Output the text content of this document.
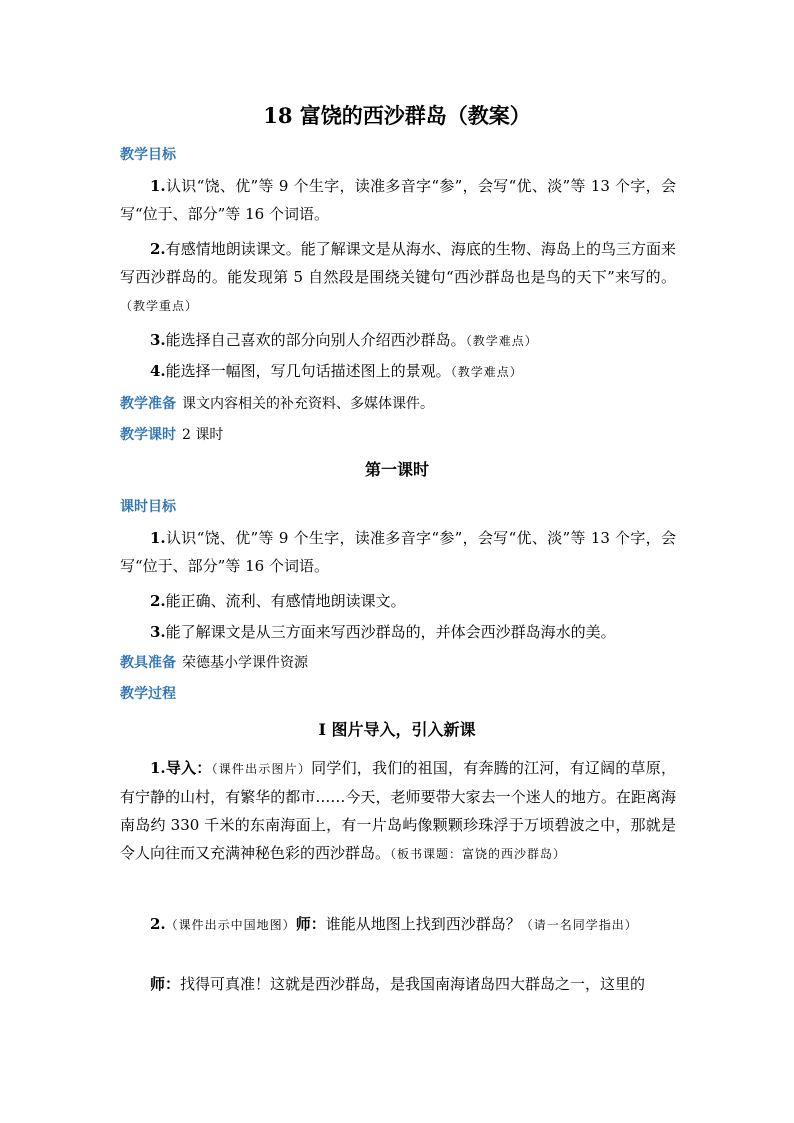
18 富饶的西沙群岛（教案）
教学目标

1.认识“饶、优”等 9 个生字，读准多音字“参”，会写“优、淡”等 13 个字，会写“位于、部分”等 16 个词语。

2.有感情地朗读课文。能了解课文是从海水、海底的生物、海岛上的鸟三方面来写西沙群岛的。能发现第 5 自然段是围绕关键句“西沙群岛也是鸟的天下”来写的。（教学重点）

3.能选择自己喜欢的部分向别人介绍西沙群岛。（教学难点）

4.能选择一幅图，写几句话描述图上的景观。（教学难点）

教学准备 课文内容相关的补充资料、多媒体课件。
教学课时 2 课时
第一课时
课时目标

1.认识“饶、优”等 9 个生字，读准多音字“参”，会写“优、淡”等 13 个字，会写“位于、部分”等 16 个词语。

2.能正确、流利、有感情地朗读课文。

3.能了解课文是从三方面来写西沙群岛的，并体会西沙群岛海水的美。

教具准备 荣德基小学课件资源
教学过程
Ⅰ 图片导入，引入新课

1.导入：（课件出示图片）同学们，我们的祖国，有奔腾的江河，有辽阔的草原，有宁静的山村，有繁华的都市……今天，老师要带大家去一个迷人的地方。在距离海南岛约 330 千米的东南海面上，有一片岛屿像颗颗珍珠浮于万顷碧波之中，那就是令人向往而又充满神秘色彩的西沙群岛。（板书课题：富饶的西沙群岛）

2.（课件出示中国地图）师：谁能从地图上找到西沙群岛？（请一名同学指出）

师：找得可真准！这就是西沙群岛，是我国南海诸岛四大群岛之一，这里的
